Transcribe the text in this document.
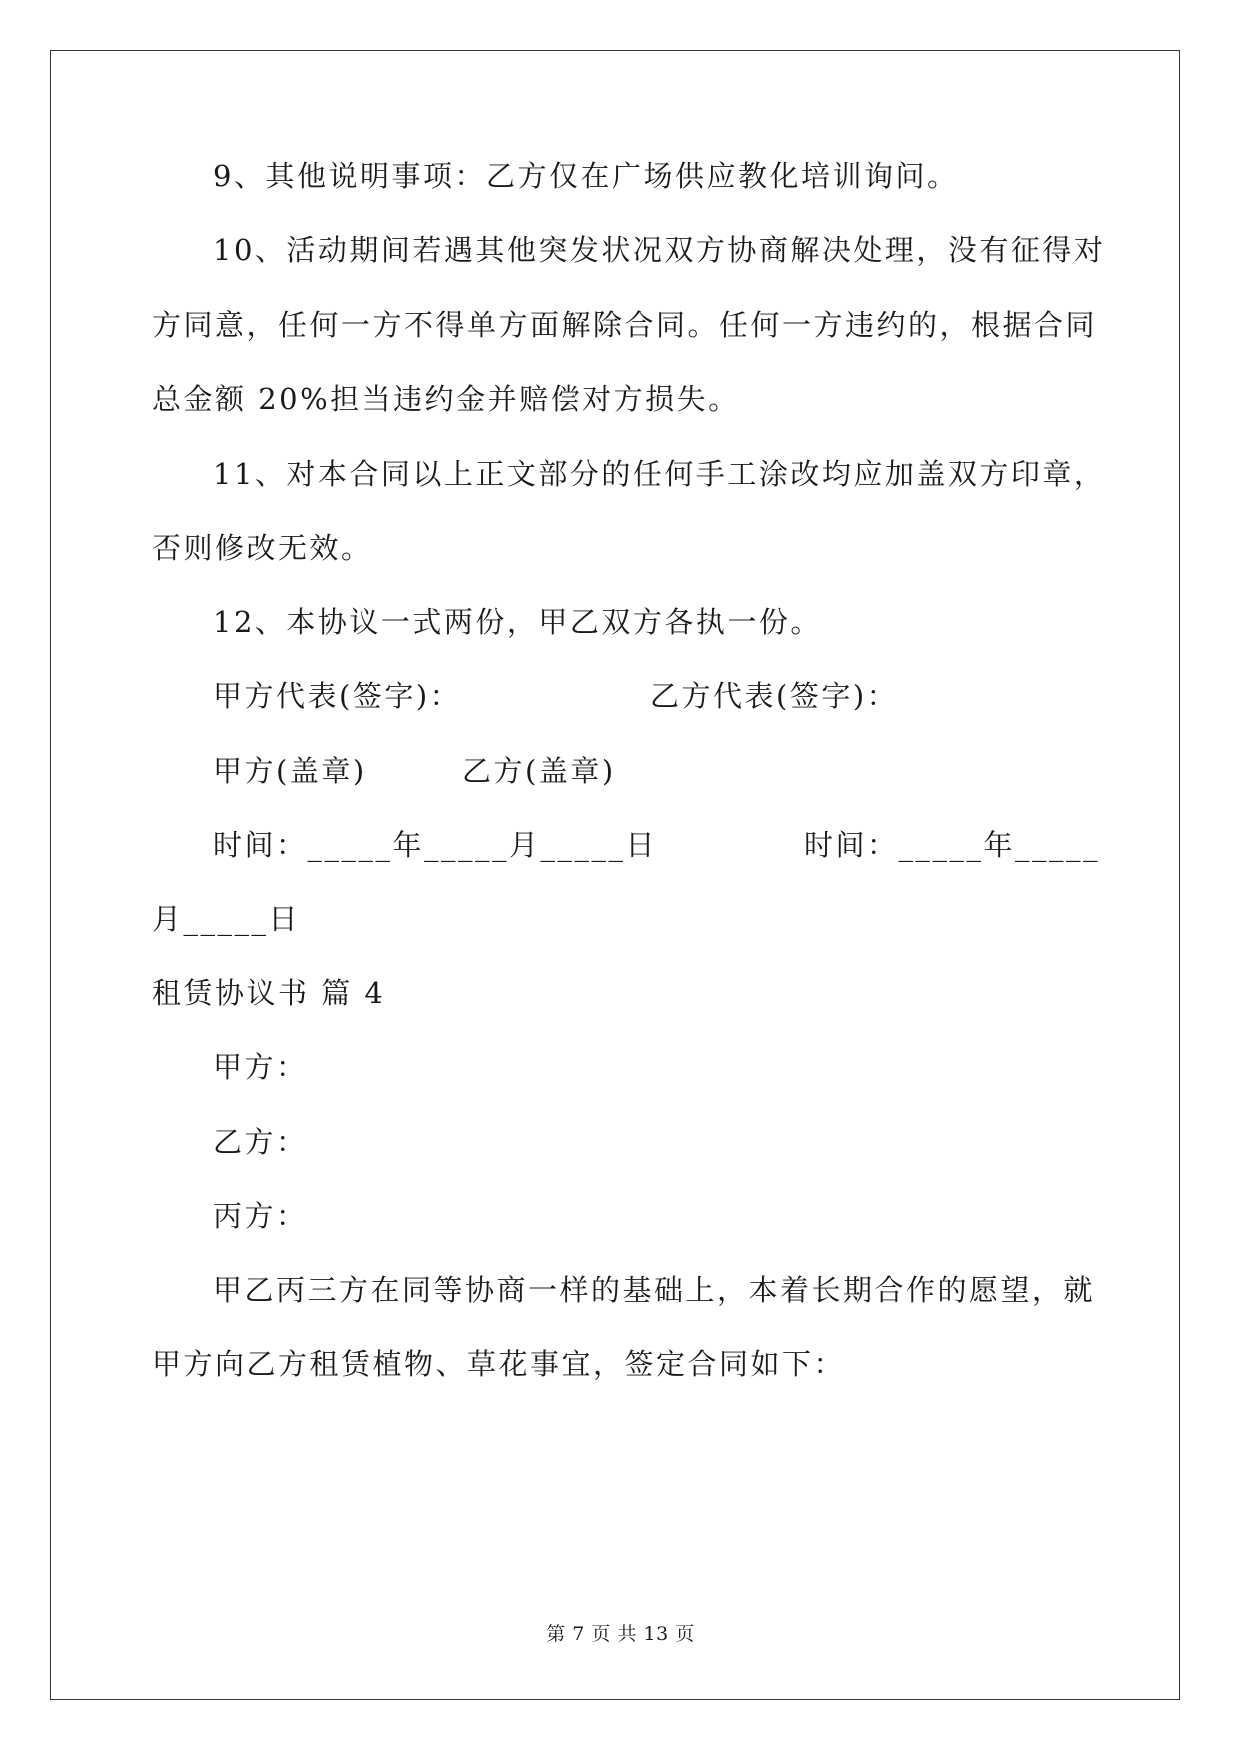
9、其他说明事项：乙方仅在广场供应教化培训询问。
10、活动期间若遇其他突发状况双方协商解决处理，没有征得对
方同意，任何一方不得单方面解除合同。任何一方违约的，根据合同
总金额 20%担当违约金并赔偿对方损失。
11、对本合同以上正文部分的任何手工涂改均应加盖双方印章，
否则修改无效。
12、本协议一式两份，甲乙双方各执一份。
甲方代表(签字)：	乙方代表(签字)：
甲方(盖章)	乙方(盖章)
时间：_____年_____月_____日	时间：_____年_____
月_____日
租赁协议书 篇 4
甲方：
乙方：
丙方：
甲乙丙三方在同等协商一样的基础上，本着长期合作的愿望，就
甲方向乙方租赁植物、草花事宜，签定合同如下：
第 7 页 共 13 页
